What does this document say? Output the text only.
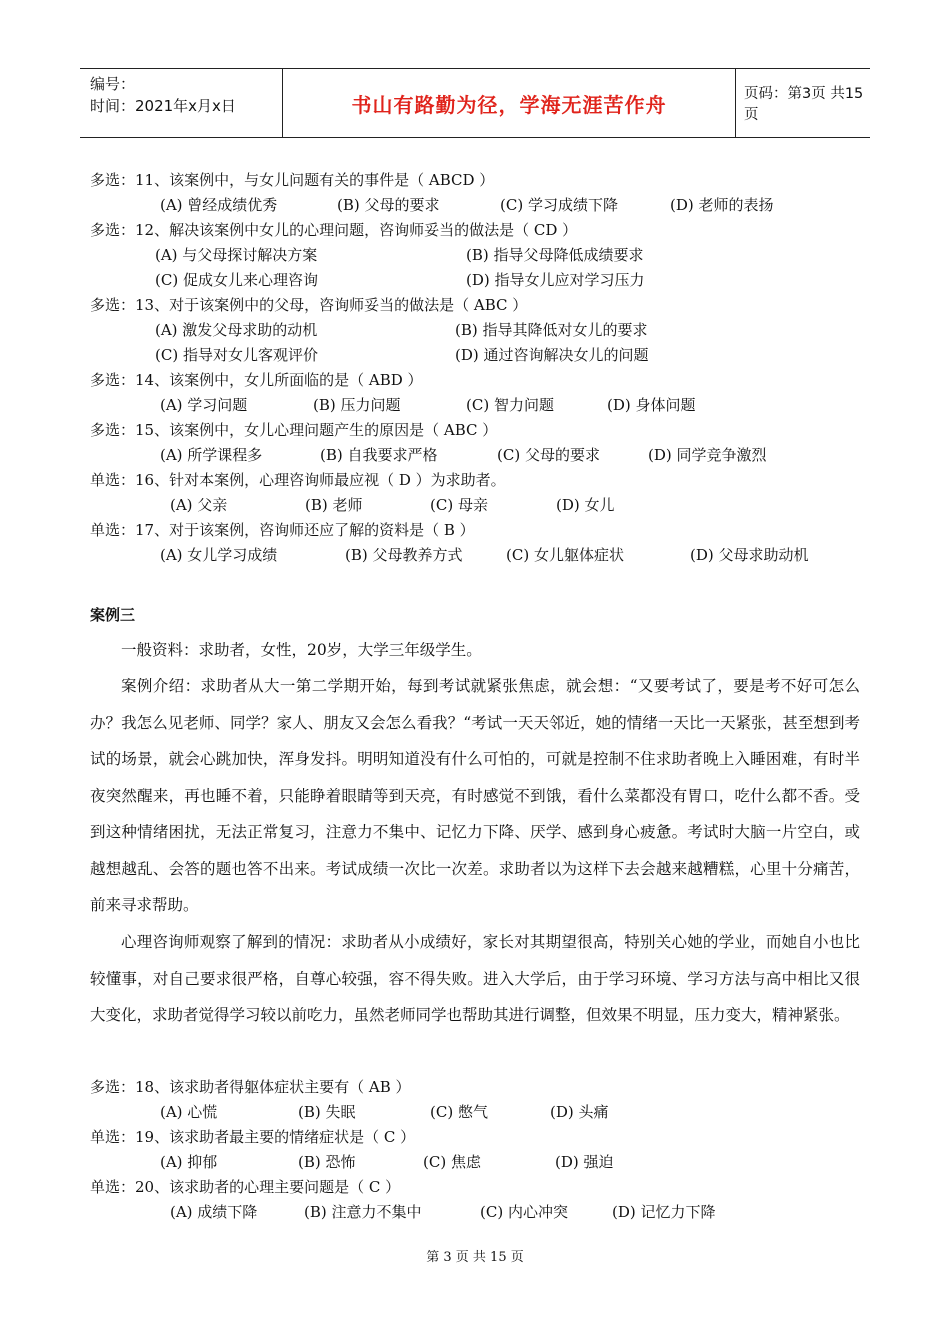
编号：
时间：2021年x月x日	书山有路勤为径，学海无涯苦作舟	页码：第3页 共15页
多选：11、该案例中，与女儿问题有关的事件是（ ABCD ）
(A) 曾经成绩优秀	(B) 父母的要求	(C) 学习成绩下降	(D) 老师的表扬
多选：12、解决该案例中女儿的心理问题，咨询师妥当的做法是（ CD ）
(A) 与父母探讨解决方案	(B) 指导父母降低成绩要求
(C) 促成女儿来心理咨询	(D) 指导女儿应对学习压力
多选：13、对于该案例中的父母，咨询师妥当的做法是（ ABC ）
(A) 激发父母求助的动机	(B) 指导其降低对女儿的要求
(C) 指导对女儿客观评价	(D) 通过咨询解决女儿的问题
多选：14、该案例中，女儿所面临的是（ ABD ）
(A) 学习问题	(B) 压力问题	(C) 智力问题	(D) 身体问题
多选：15、该案例中，女儿心理问题产生的原因是（ ABC ）
(A) 所学课程多	(B) 自我要求严格	(C) 父母的要求	(D) 同学竞争激烈
单选：16、针对本案例，心理咨询师最应视（ D ）为求助者。
(A) 父亲	(B) 老师	(C) 母亲	(D) 女儿
单选：17、对于该案例，咨询师还应了解的资料是（ B ）
(A) 女儿学习成绩	(B) 父母教养方式	(C) 女儿躯体症状	(D) 父母求助动机
案例三
一般资料：求助者，女性，20岁，大学三年级学生。
案例介绍：求助者从大一第二学期开始，每到考试就紧张焦虑，就会想：“又要考试了，要是考不好可怎么办？我怎么见老师、同学？家人、朋友又会怎么看我？“考试一天天邻近，她的情绪一天比一天紧张，甚至想到考试的场景，就会心跳加快，浑身发抖。明明知道没有什么可怕的，可就是控制不住求助者晚上入睡困难，有时半夜突然醒来，再也睡不着，只能睁着眼睛等到天亮，有时感觉不到饿，看什么菜都没有胃口，吃什么都不香。受到这种情绪困扰，无法正常复习，注意力不集中、记忆力下降、厌学、感到身心疲惫。考试时大脑一片空白，或越想越乱、会答的题也答不出来。考试成绩一次比一次差。求助者以为这样下去会越来越糟糕，心里十分痛苦，前来寻求帮助。
心理咨询师观察了解到的情况：求助者从小成绩好，家长对其期望很高，特别关心她的学业，而她自小也比较懂事，对自己要求很严格，自尊心较强，容不得失败。进入大学后，由于学习环境、学习方法与高中相比又很大变化，求助者觉得学习较以前吃力，虽然老师同学也帮助其进行调整，但效果不明显，压力变大，精神紧张。
多选：18、该求助者得躯体症状主要有（ AB ）
(A) 心慌	(B) 失眠	(C) 憋气	(D) 头痛
单选：19、该求助者最主要的情绪症状是（ C ）
(A) 抑郁	(B) 恐怖	(C) 焦虑	(D) 强迫
单选：20、该求助者的心理主要问题是（ C ）
(A) 成绩下降	(B) 注意力不集中	(C) 内心冲突	(D) 记忆力下降
第 3 页 共 15 页
